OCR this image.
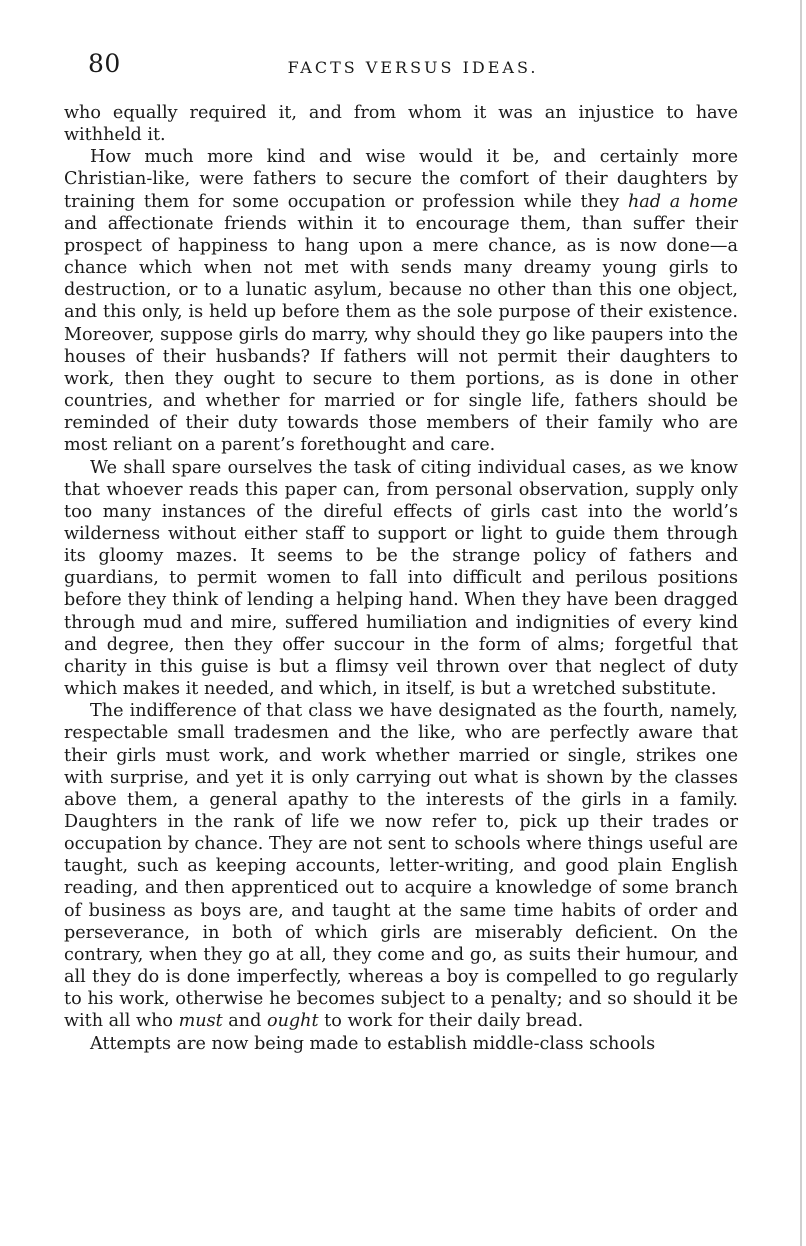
80	FACTS VERSUS IDEAS.

who equally required it, and from whom it was an injustice to have withheld it.

How much more kind and wise would it be, and certainly more Christian-like, were fathers to secure the comfort of their daughters by training them for some occupation or profession while they had a home and affectionate friends within it to encourage them, than suffer their prospect of happiness to hang upon a mere chance, as is now done—a chance which when not met with sends many dreamy young girls to destruction, or to a lunatic asylum, because no other than this one object, and this only, is held up before them as the sole purpose of their existence. Moreover, suppose girls do marry, why should they go like paupers into the houses of their husbands? If fathers will not permit their daughters to work, then they ought to secure to them portions, as is done in other countries, and whether for married or for single life, fathers should be reminded of their duty towards those members of their family who are most reliant on a parent’s forethought and care.

We shall spare ourselves the task of citing individual cases, as we know that whoever reads this paper can, from personal observation, supply only too many instances of the direful effects of girls cast into the world’s wilderness without either staff to support or light to guide them through its gloomy mazes. It seems to be the strange policy of fathers and guardians, to permit women to fall into difficult and perilous positions before they think of lending a helping hand. When they have been dragged through mud and mire, suffered humiliation and indignities of every kind and degree, then they offer succour in the form of alms; forgetful that charity in this guise is but a flimsy veil thrown over that neglect of duty which makes it needed, and which, in itself, is but a wretched substitute.

The indifference of that class we have designated as the fourth, namely, respectable small tradesmen and the like, who are perfectly aware that their girls must work, and work whether married or single, strikes one with surprise, and yet it is only carrying out what is shown by the classes above them, a general apathy to the interests of the girls in a family. Daughters in the rank of life we now refer to, pick up their trades or occupation by chance. They are not sent to schools where things useful are taught, such as keeping accounts, letter-writing, and good plain English reading, and then apprenticed out to acquire a knowledge of some branch of business as boys are, and taught at the same time habits of order and perseverance, in both of which girls are miserably deficient. On the contrary, when they go at all, they come and go, as suits their humour, and all they do is done imperfectly, whereas a boy is compelled to go regularly to his work, otherwise he becomes subject to a penalty; and so should it be with all who must and ought to work for their daily bread.

Attempts are now being made to establish middle-class schools
